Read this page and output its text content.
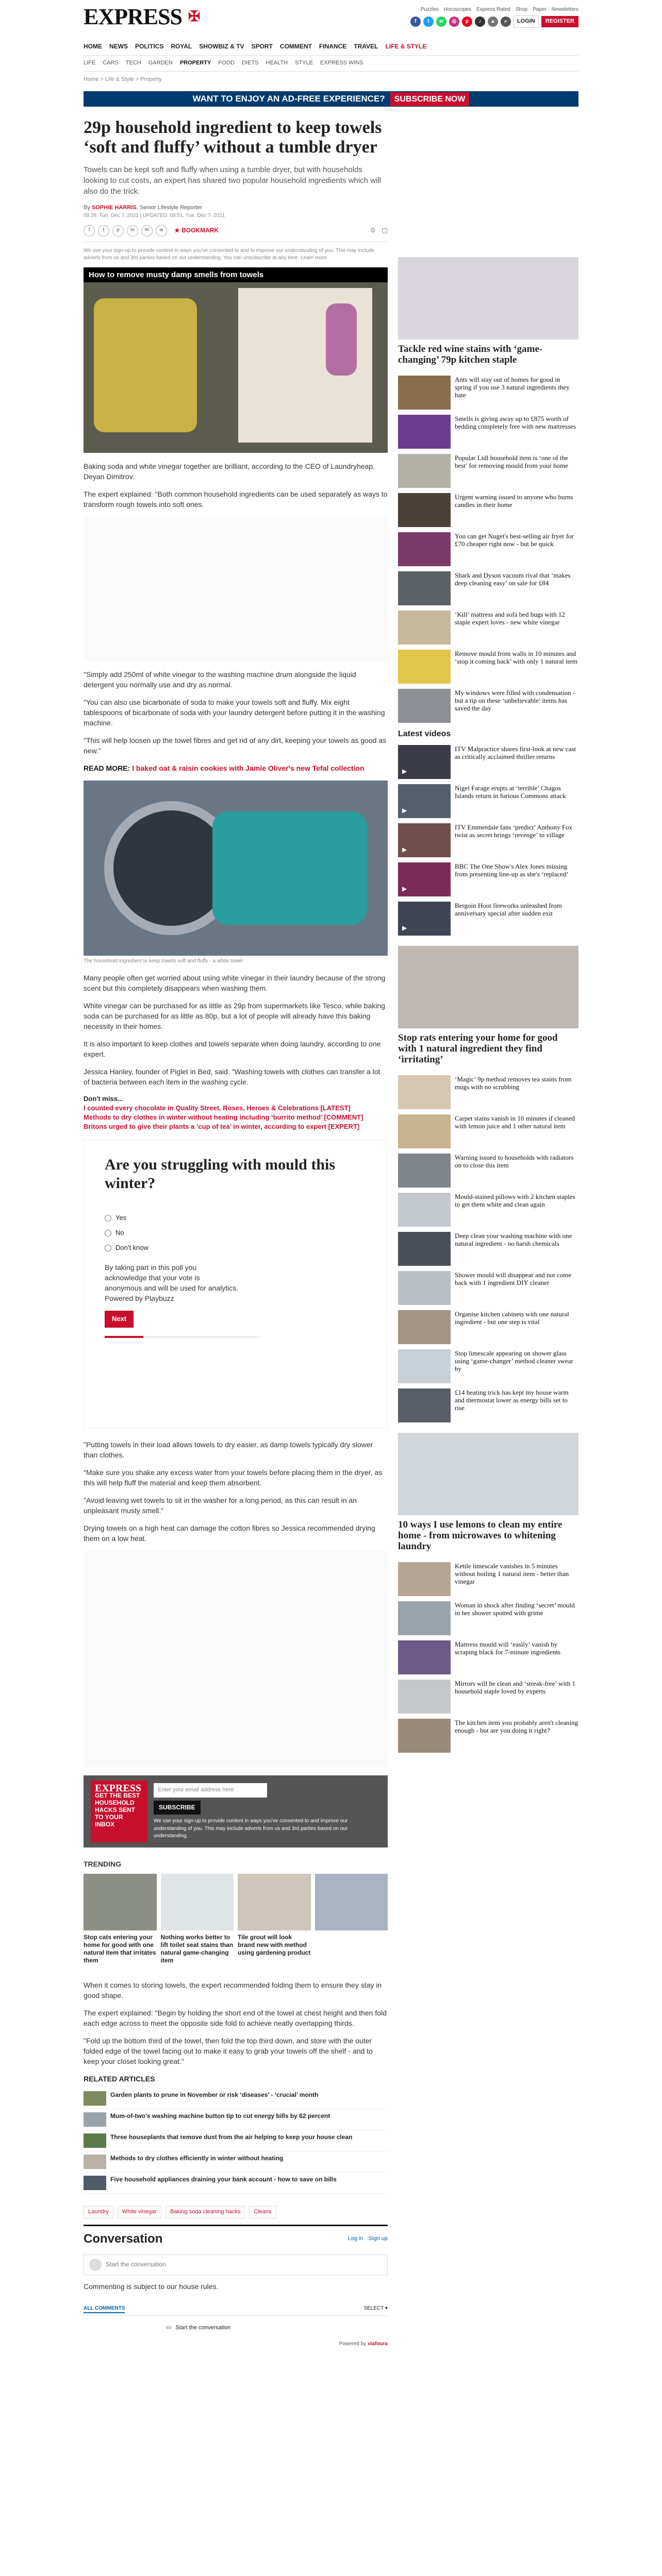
EXPRESS ✠	Puzzles Horoscopes Express Rated Shop Paper Newsletters
f	t	w	◎	p	♪	▲	⌕	LOGIN	REGISTER
HOME NEWS POLITICS ROYAL SHOWBIZ & TV SPORT COMMENT FINANCE TRAVEL LIFE & STYLE
LIFE CARS TECH GARDEN PROPERTY FOOD DIETS HEALTH STYLE EXPRESS WINS
Home > Life & Style > Property
WANT TO ENJOY AN AD-FREE EXPERIENCE?	SUBSCRIBE NOW
29p household ingredient to keep towels ‘soft and fluffy’ without a tumble dryer

Towels can be kept soft and fluffy when using a tumble dryer, but with households looking to cut costs, an expert has shared two popular household ingredients which will also do the trick.

By SOPHIE HARRIS, Senior Lifestyle Reporter
09:29, Tue, Dec 7, 2021 | UPDATED: 09:51, Tue, Dec 7, 2021
f	t	p	in	✉	w	★ BOOKMARK	0 ▢

We use your sign-up to provide content in ways you've consented to and to improve our understanding of you. This may include adverts from us and 3rd parties based on our understanding. You can unsubscribe at any time. Learn more

How to remove musty damp smells from towels

Baking soda and white vinegar together are brilliant, according to the CEO of Laundryheap, Deyan Dimitrov.

The expert explained: "Both common household ingredients can be used separately as ways to transform rough towels into soft ones.

"Simply add 250ml of white vinegar to the washing machine drum alongside the liquid detergent you normally use and dry as normal.

"You can also use bicarbonate of soda to make your towels soft and fluffy. Mix eight tablespoons of bicarbonate of soda with your laundry detergent before putting it in the washing machine.

"This will help loosen up the towel fibres and get rid of any dirt, keeping your towels as good as new."

READ MORE: I baked oat & raisin cookies with Jamie Oliver's new Tefal collection
The household ingredient to keep towels soft and fluffy - a white towel

Many people often get worried about using white vinegar in their laundry because of the strong scent but this completely disappears when washing them.

White vinegar can be purchased for as little as 29p from supermarkets like Tesco, while baking soda can be purchased for as little as 80p, but a lot of people will already have this baking necessity in their homes.

It is also important to keep clothes and towels separate when doing laundry, according to one expert.

Jessica Hanley, founder of Piglet in Bed, said: "Washing towels with clothes can transfer a lot of bacteria between each item in the washing cycle.

Don't miss...
I counted every chocolate in Quality Street, Roses, Heroes & Celebrations [LATEST]
Methods to dry clothes in winter without heating including ‘burrito method’ [COMMENT]
Britons urged to give their plants a ‘cup of tea’ in winter, according to expert [EXPERT]
Are you struggling with mould this winter?
Yes
No
Don't know

By taking part in this poll you acknowledge that your vote is anonymous and will be used for analytics. Powered by Playbuzz

Next

"Putting towels in their load allows towels to dry easier, as damp towels typically dry slower than clothes.

"Make sure you shake any excess water from your towels before placing them in the dryer, as this will help fluff the material and keep them absorbent.

"Avoid leaving wet towels to sit in the washer for a long period, as this can result in an unpleasant musty smell."

Drying towels on a high heat can damage the cotton fibres so Jessica recommended drying them on a low heat.

EXPRESS
GET THE BEST HOUSEHOLD HACKS SENT TO YOUR INBOX
Enter your email address here
SUBSCRIBE
We use your sign-up to provide content in ways you've consented to and improve our understanding of you. This may include adverts from us and 3rd parties based on our understanding.
TRENDING
Stop cats entering your home for good with one natural item that irritates them
Nothing works better to lift toilet seat stains than natural game-changing item
Tile grout will look brand new with method using gardening product

When it comes to storing towels, the expert recommended folding them to ensure they stay in good shape.

The expert explained: "Begin by holding the short end of the towel at chest height and then fold each edge across to meet the opposite side fold to achieve neatly overlapping thirds.

"Fold up the bottom third of the towel, then fold the top third down, and store with the outer folded edge of the towel facing out to make it easy to grab your towels off the shelf - and to keep your closet looking great."

RELATED ARTICLES
Garden plants to prune in November or risk ‘diseases’ - ‘crucial’ month
Mum-of-two's washing machine button tip to cut energy bills by 62 percent
Three houseplants that remove dust from the air helping to keep your house clean
Methods to dry clothes efficiently in winter without heating
Five household appliances draining your bank account - how to save on bills
Laundry	White vinegar	Baking soda cleaning hacks	Cleans
Conversation	Log in Sign up
Start the conversation

Commenting is subject to our house rules.

ALL COMMENTS	SELECT ▾
▭ Start the conversation
Powered by viafoura
Tackle red wine stains with ‘game-changing’ 79p kitchen staple
Ants will stay out of homes for good in spring if you use 3 natural ingredients they hate
Smells is giving away up to £875 worth of bedding completely free with new mattresses
Popular Lidl household item is ‘one of the best’ for removing mould from your home
Urgent warning issued to anyone who burns candles in their home
You can get Nuget's best-selling air fryer for £70 cheaper right now - but be quick
Shark and Dyson vacuum rival that ‘makes deep cleaning easy’ on sale for £84
‘Kill’ mattress and sofa bed bugs with 12 staple expert loves - new white vinegar
Remove mould from walls in 10 minutes and ‘stop it coming back’ with only 1 natural item
My windows were filled with condensation - but a tip on these ‘unbelievable’ items has saved the day
Latest videos
▶
ITV Malpractice shares first-look at new cast as critically acclaimed thriller returns
▶
Nigel Farage erupts at ‘terrible’ Chagos Islands return in furious Commons attack
▶
ITV Emmerdale fans ‘predict’ Anthony Fox twist as secret brings ‘revenge’ to village
▶
BBC The One Show's Alex Jones missing from presenting line-up as she's ‘replaced’
▶
Bergoin Hoot fireworks unleashed from anniversary special after sudden exit
Stop rats entering your home for good with 1 natural ingredient they find ‘irritating’
‘Magic’ 9p method removes tea stains from mugs with no scrubbing
Carpet stains vanish in 10 minutes if cleaned with lemon juice and 1 other natural item
Warning issued to households with radiators on to close this item
Mould-stained pillows with 2 kitchen staples to get them white and clean again
Deep clean your washing machine with one natural ingredient - no harsh chemicals
Shower mould will disappear and not come back with 1 ingredient DIY cleaner
Organise kitchen cabinets with one natural ingredient - but one step is vital
Stop limescale appearing on shower glass using ‘game-changer’ method cleaner swear by
£14 heating trick has kept my house warm and thermostat lower as energy bills set to rise
10 ways I use lemons to clean my entire home - from microwaves to whitening laundry
Kettle limescale vanishes in 5 minutes without boiling 1 natural item - better than vinegar
Woman in shock after finding ‘secret’ mould in her shower spotted with grime
Mattress mould will ‘easily’ vanish by scraping black for 7-minute ingredients
Mirrors will be clean and ‘streak-free’ with 1 household staple loved by experts
The kitchen item you probably aren't cleaning enough - but are you doing it right?
